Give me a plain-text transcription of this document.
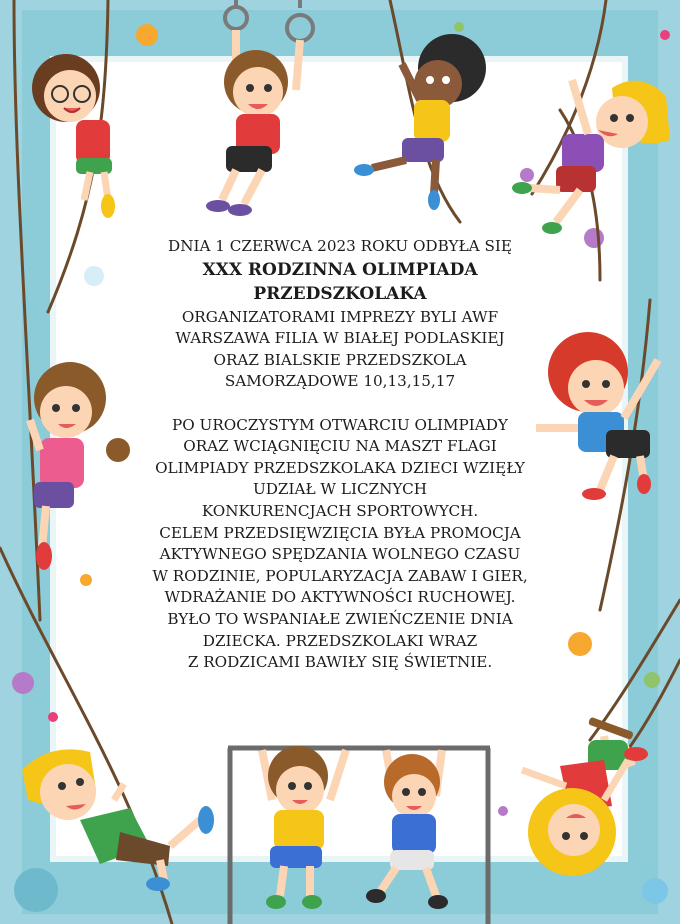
DNIA 1 CZERWCA 2023 ROKU ODBYŁA SIĘ
XXX RODZINNA OLIMPIADA
PRZEDSZKOLAKA
ORGANIZATORAMI IMPREZY BYLI AWF
WARSZAWA FILIA W BIAŁEJ PODLASKIEJ
ORAZ BIALSKIE PRZEDSZKOLA
SAMORZĄDOWE 10,13,15,17
PO UROCZYSTYM OTWARCIU OLIMPIADY
ORAZ WCIĄGNIĘCIU NA MASZT FLAGI
OLIMPIADY PRZEDSZKOLAKA DZIECI WZIĘŁY
UDZIAŁ W LICZNYCH
KONKURENCJACH SPORTOWYCH.
CELEM PRZEDSIĘWZIĘCIA BYŁA PROMOCJA
AKTYWNEGO SPĘDZANIA WOLNEGO CZASU
W RODZINIE, POPULARYZACJA ZABAW I GIER,
WDRAŻANIE DO AKTYWNOŚCI RUCHOWEJ.
BYŁO TO WSPANIAŁE ZWIEŃCZENIE DNIA
DZIECKA. PRZEDSZKOLAKI WRAZ
Z RODZICAMI BAWIŁY SIĘ ŚWIETNIE.
